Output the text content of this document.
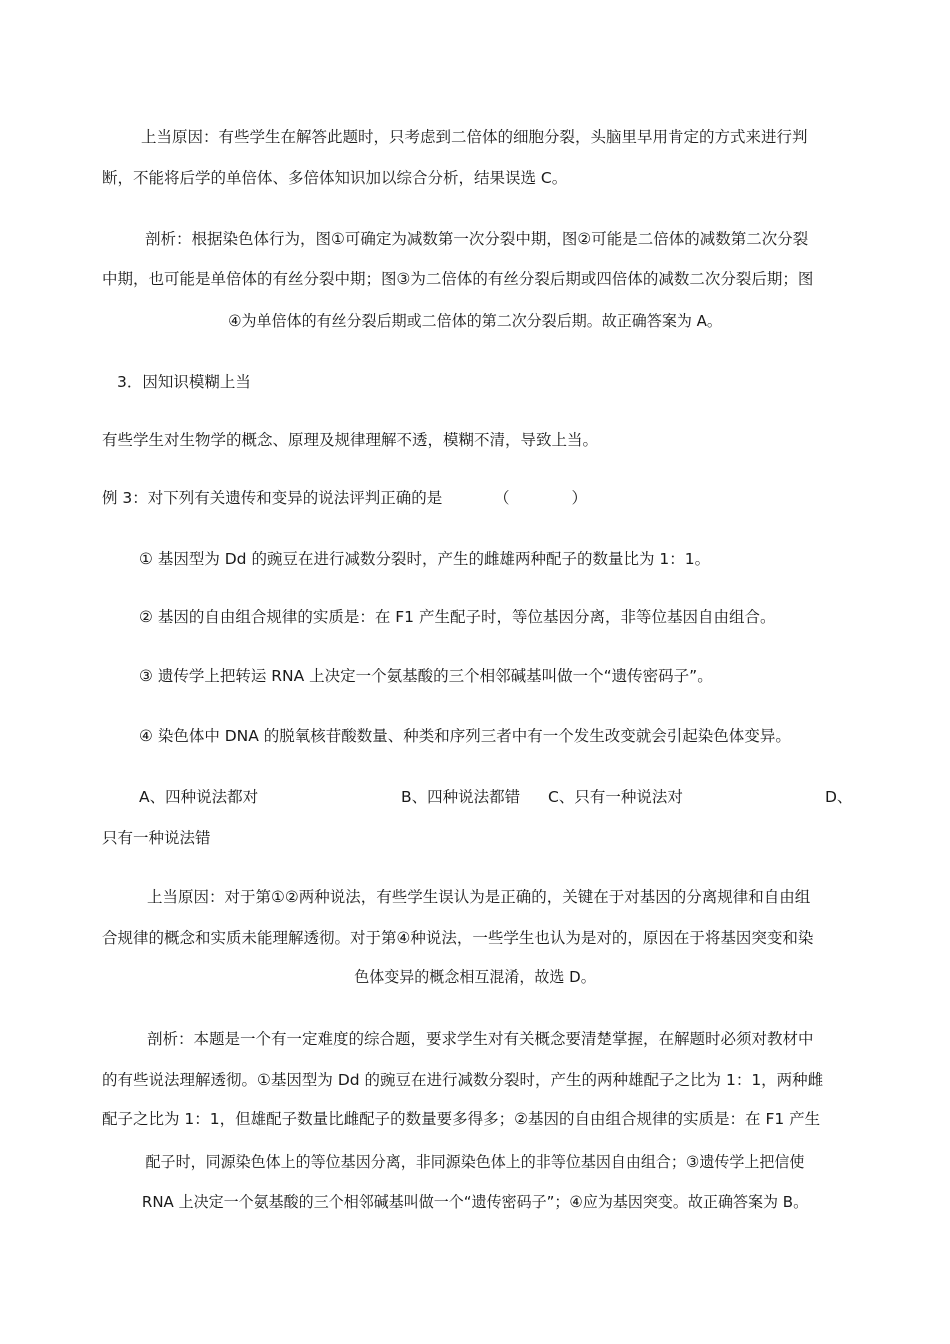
上当原因：有些学生在解答此题时，只考虑到二倍体的细胞分裂，头脑里早用肯定的方式来进行判
断，不能将后学的单倍体、多倍体知识加以综合分析，结果误选 C。
剖析：根据染色体行为，图①可确定为减数第一次分裂中期，图②可能是二倍体的减数第二次分裂
中期，也可能是单倍体的有丝分裂中期；图③为二倍体的有丝分裂后期或四倍体的减数二次分裂后期；图
④为单倍体的有丝分裂后期或二倍体的第二次分裂后期。故正确答案为 A。
3．因知识模糊上当
有些学生对生物学的概念、原理及规律理解不透，模糊不清，导致上当。
例 3：对下列有关遗传和变异的说法评判正确的是	（　　　　）
① 基因型为 Dd 的豌豆在进行减数分裂时，产生的雌雄两种配子的数量比为 1：1。
② 基因的自由组合规律的实质是：在 F1 产生配子时，等位基因分离，非等位基因自由组合。
③ 遗传学上把转运 RNA 上决定一个氨基酸的三个相邻碱基叫做一个“遗传密码子”。
④ 染色体中 DNA 的脱氧核苷酸数量、种类和序列三者中有一个发生改变就会引起染色体变异。
A、四种说法都对	B、四种说法都错 C、只有一种说法对	D、
只有一种说法错
上当原因：对于第①②两种说法，有些学生误认为是正确的，关键在于对基因的分离规律和自由组
合规律的概念和实质未能理解透彻。对于第④种说法，一些学生也认为是对的，原因在于将基因突变和染
色体变异的概念相互混淆，故选 D。
剖析：本题是一个有一定难度的综合题，要求学生对有关概念要清楚掌握，在解题时必须对教材中
的有些说法理解透彻。①基因型为 Dd 的豌豆在进行减数分裂时，产生的两种雄配子之比为 1：1，两种雌
配子之比为 1：1，但雄配子数量比雌配子的数量要多得多；②基因的自由组合规律的实质是：在 F1 产生
配子时，同源染色体上的等位基因分离，非同源染色体上的非等位基因自由组合；③遗传学上把信使
RNA 上决定一个氨基酸的三个相邻碱基叫做一个“遗传密码子”；④应为基因突变。故正确答案为 B。
